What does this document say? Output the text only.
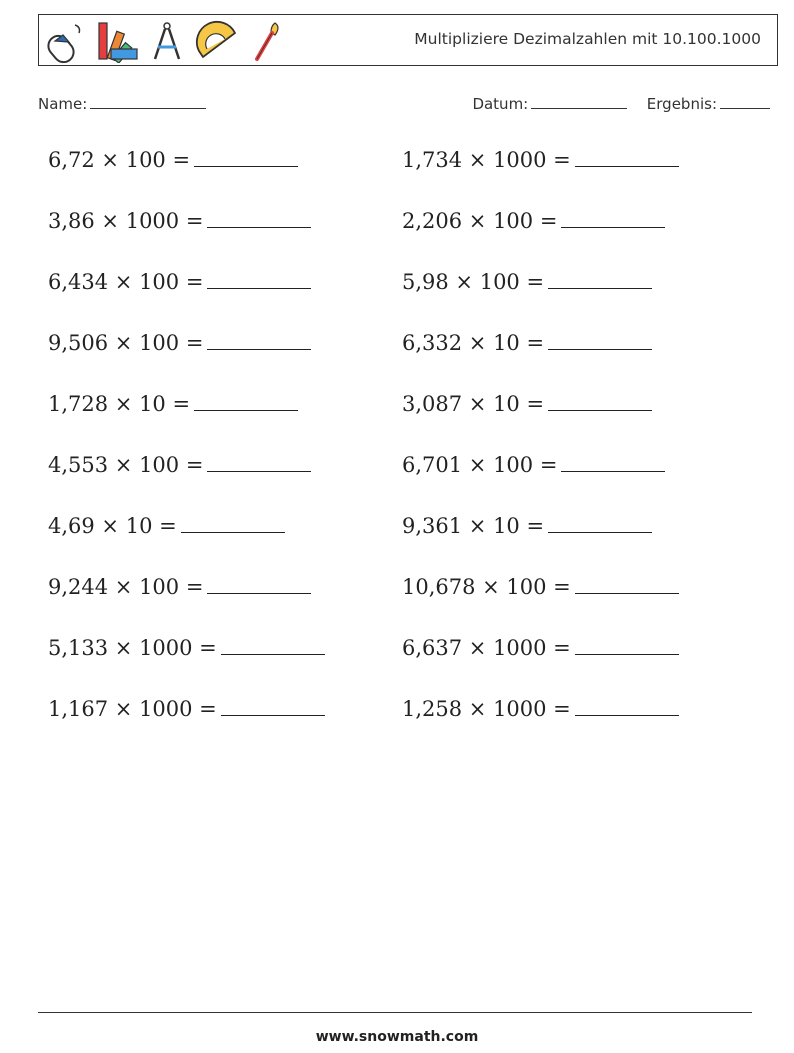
Multipliziere Dezimalzahlen mit 10.100.1000
Name:	Datum:	Ergebnis:
6,72 × 100 =
3,86 × 1000 =
6,434 × 100 =
9,506 × 100 =
1,728 × 10 =
4,553 × 100 =
4,69 × 10 =
9,244 × 100 =
5,133 × 1000 =
1,167 × 1000 =
1,734 × 1000 =
2,206 × 100 =
5,98 × 100 =
6,332 × 10 =
3,087 × 10 =
6,701 × 100 =
9,361 × 10 =
10,678 × 100 =
6,637 × 1000 =
1,258 × 1000 =
www.snowmath.com
